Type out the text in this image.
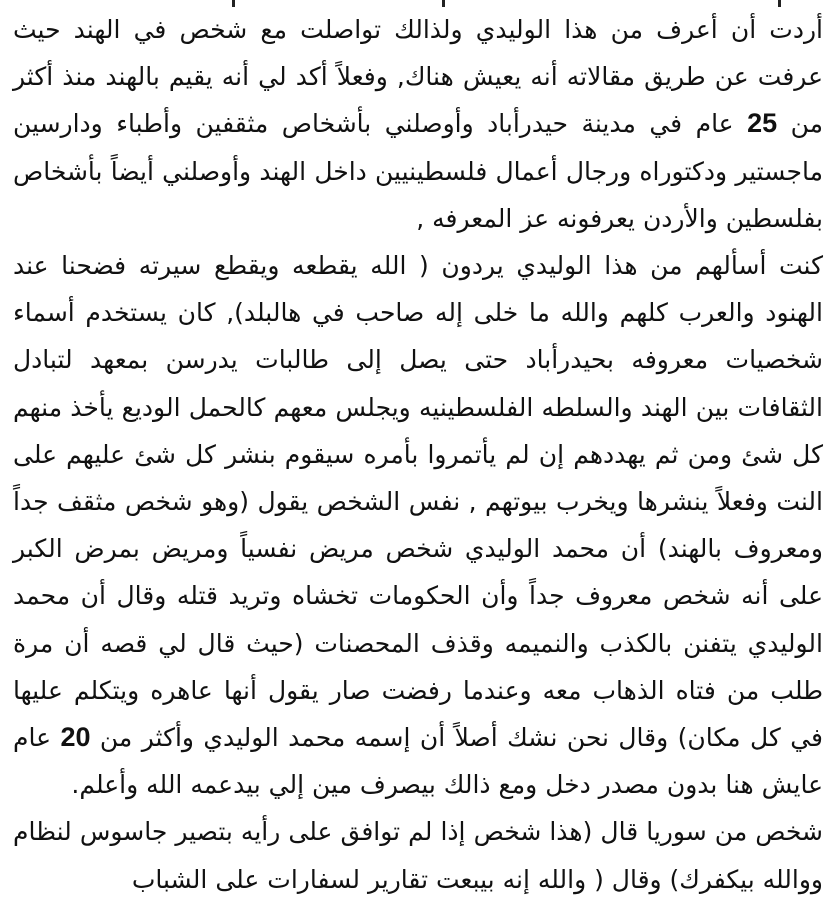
أردت أن أعرف من هذا الوليدي ولذالك تواصلت مع شخص في الهند حيث عرفت عن طريق مقالاته أنه يعيش هناك, وفعلاً أكد لي أنه يقيم بالهند منذ أكثر من 25 عام في مدينة حيدرأباد وأوصلني بأشخاص مثقفين وأطباء ودارسين ماجستير ودكتوراه ورجال أعمال فلسطينيين داخل الهند وأوصلني أيضاً بأشخاص بفلسطين والأردن يعرفونه عز المعرفه ,

كنت أسألهم من هذا الوليدي يردون ( الله يقطعه ويقطع سيرته فضحنا عند الهنود والعرب كلهم والله ما خلى إله صاحب في هالبلد), كان يستخدم أسماء شخصيات معروفه بحيدرأباد حتى يصل إلى طالبات يدرسن بمعهد لتبادل الثقافات بين الهند والسلطه الفلسطينيه ويجلس معهم كالحمل الوديع يأخذ منهم كل شئ ومن ثم يهددهم إن لم يأتمروا بأمره سيقوم بنشر كل شئ عليهم على النت وفعلاً ينشرها ويخرب بيوتهم , نفس الشخص يقول (وهو شخص مثقف جداً ومعروف بالهند) أن محمد الوليدي شخص مريض نفسياً ومريض بمرض الكبر على أنه شخص معروف جداً وأن الحكومات تخشاه وتريد قتله وقال أن محمد الوليدي يتفنن بالكذب والنميمه وقذف المحصنات (حيث قال لي قصه أن مرة طلب من فتاه الذهاب معه وعندما رفضت صار يقول أنها عاهره ويتكلم عليها في كل مكان) وقال نحن نشك أصلاً أن إسمه محمد الوليدي وأكثر من 20 عام عايش هنا بدون مصدر دخل ومع ذالك بيصرف مين إلي بيدعمه الله وأعلم.

شخص من سوريا قال (هذا شخص إذا لم توافق على رأيه بتصير جاسوس لنظام ووالله بيكفرك) وقال ( والله إنه بيبعت تقارير لسفارات على الشباب
